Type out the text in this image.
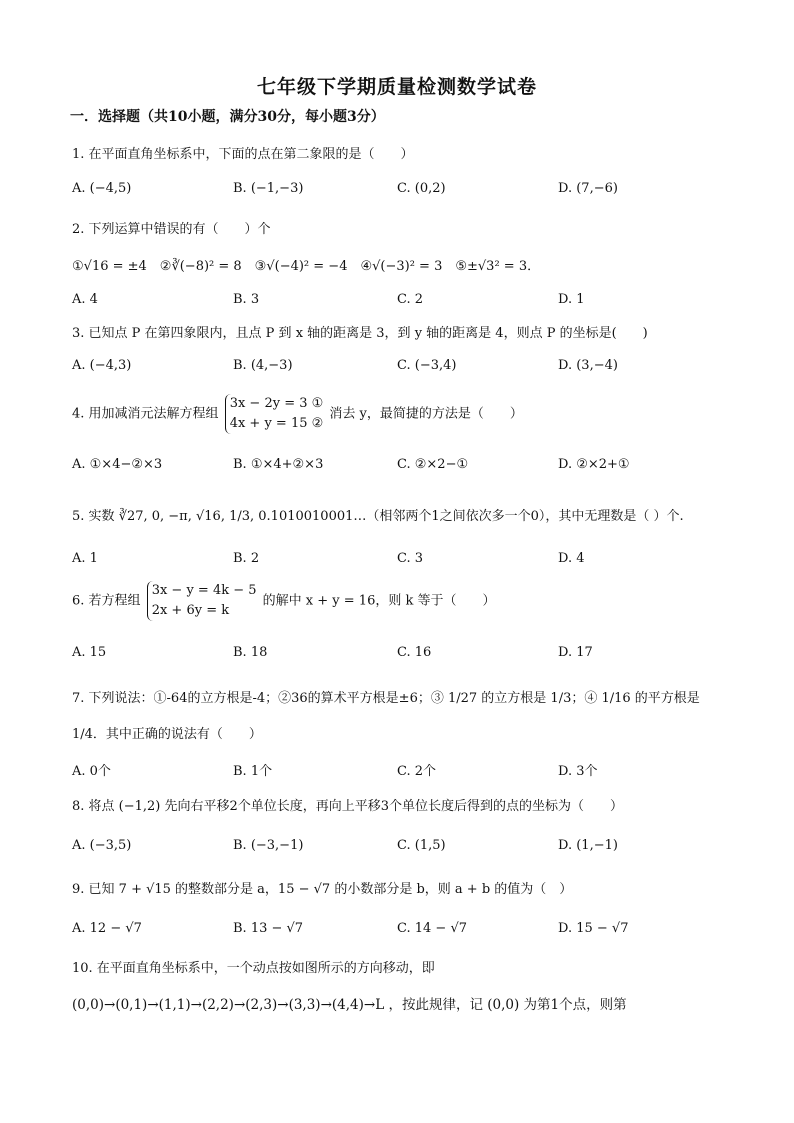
七年级下学期质量检测数学试卷
一．选择题（共10小题，满分30分，每小题3分）
1. 在平面直角坐标系中，下面的点在第二象限的是（　　）
A. (−4,5)	B. (−1,−3)	C. (0,2)	D. (7,−6)
2. 下列运算中错误的有（　　）个
①√16 = ±4　②∛(−8)² = 8　③√(−4)² = −4　④√(−3)² = 3　⑤±√3² = 3．
A. 4	B. 3	C. 2	D. 1
3. 已知点 P 在第四象限内，且点 P 到 x 轴的距离是 3，到 y 轴的距离是 4，则点 P 的坐标是(　　)
A. (−4,3)	B. (4,−3)	C. (−3,4)	D. (3,−4)
4. 用加减消元法解方程组
3x − 2y = 3 ①
4x + y = 15 ②
消去 y，最简捷的方法是（　　）
A. ①×4−②×3	B. ①×4+②×3	C. ②×2−①	D. ②×2+①
5. 实数 ∛27, 0, −π, √16, 1/3, 0.1010010001…（相邻两个1之间依次多一个0），其中无理数是（ ）个.
A. 1	B. 2	C. 3	D. 4
6. 若方程组
3x − y = 4k − 5
2x + 6y = k
的解中 x + y = 16，则 k 等于（　　）
A. 15	B. 18	C. 16	D. 17
7. 下列说法：①-64的立方根是-4；②36的算术平方根是±6；③ 1/27 的立方根是 1/3；④ 1/16 的平方根是 1/4．其中正确的说法有（　　）
A. 0个	B. 1个	C. 2个	D. 3个
8. 将点 (−1,2) 先向右平移2个单位长度，再向上平移3个单位长度后得到的点的坐标为（　　）
A. (−3,5)	B. (−3,−1)	C. (1,5)	D. (1,−1)
9. 已知 7 + √15 的整数部分是 a，15 − √7 的小数部分是 b，则 a + b 的值为（　）
A. 12 − √7	B. 13 − √7	C. 14 − √7	D. 15 − √7
10. 在平面直角坐标系中，一个动点按如图所示的方向移动，即
(0,0)→(0,1)→(1,1)→(2,2)→(2,3)→(3,3)→(4,4)→L ，按此规律，记 (0,0) 为第1个点，则第
